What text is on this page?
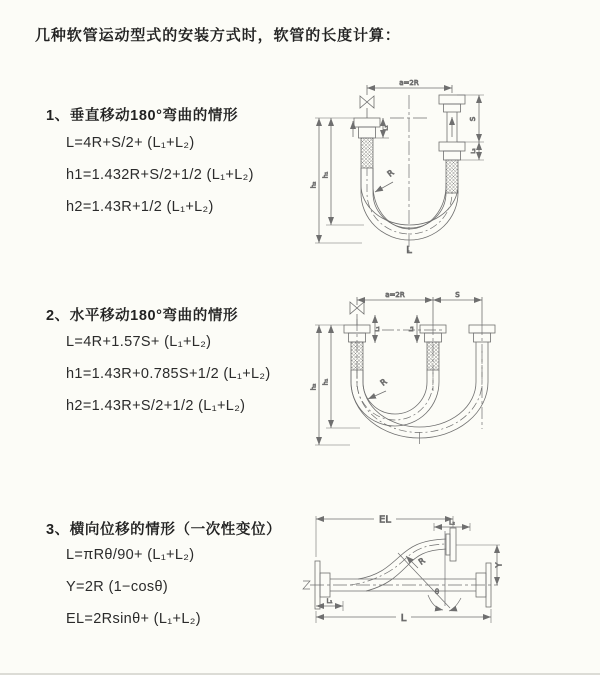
几种软管运动型式的安装方式时，软管的长度计算：
1、垂直移动180°弯曲的情形
L=4R+S/2+ (L₁+L₂)
h1=1.432R+S/2+1/2 (L₁+L₂)
h2=1.43R+1/2 (L₁+L₂)
2、水平移动180°弯曲的情形
L=4R+1.57S+ (L₁+L₂)
h1=1.43R+0.785S+1/2 (L₁+L₂)
h2=1.43R+S/2+1/2 (L₁+L₂)
3、横向位移的情形（一次性变位）
L=πRθ/90+ (L₁+L₂)
Y=2R (1−cosθ)
EL=2Rsinθ+ (L₁+L₂)
a=2R
R
L
h₂
h₁
L₁
S
L₂
a=2R	S
L₁	L₂
R
h₂
h₁
EL	L₂
Y
L
L₁
R
θ
